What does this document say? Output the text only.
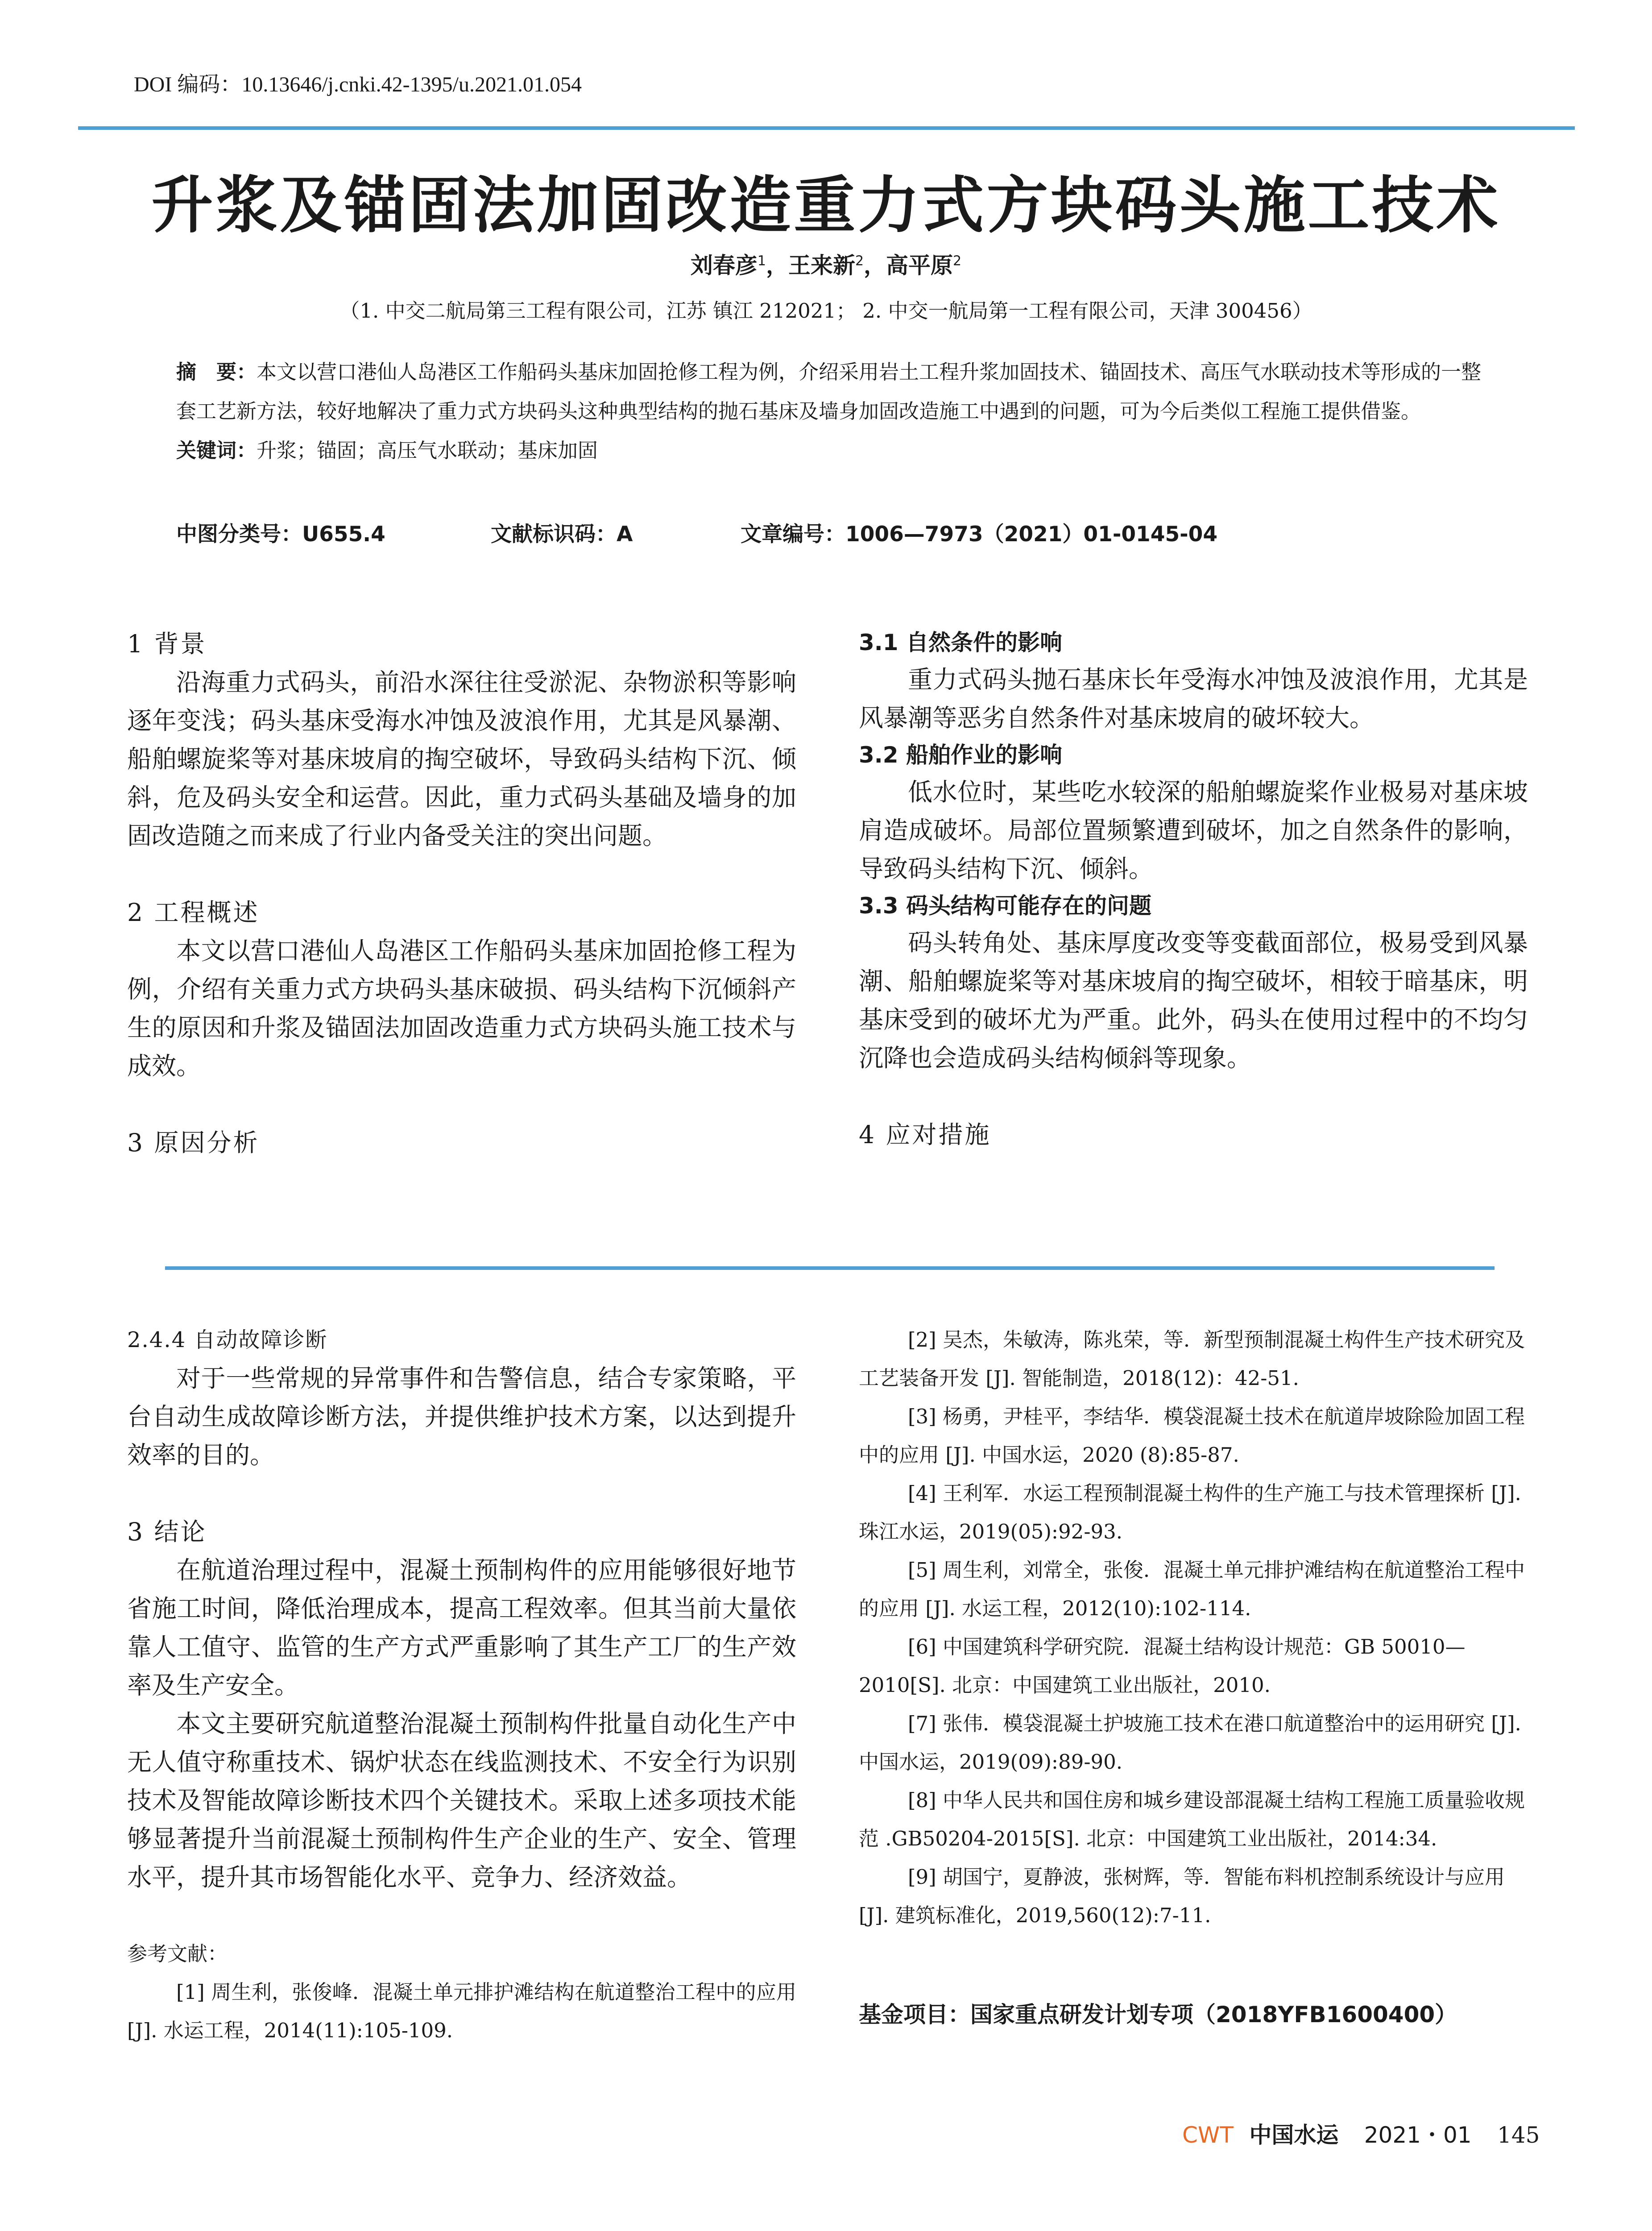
DOI 编码：10.13646/j.cnki.42-1395/u.2021.01.054
升浆及锚固法加固改造重力式方块码头施工技术
刘春彦$^1$，王来新$^2$，高平原$^2$
（1. 中交二航局第三工程有限公司，江苏 镇江 212021； 2. 中交一航局第一工程有限公司，天津 300456）
摘　要：本文以营口港仙人岛港区工作船码头基床加固抢修工程为例，介绍采用岩土工程升浆加固技术、锚固技术、高压气水联动技术等形成的一整套工艺新方法，较好地解决了重力式方块码头这种典型结构的抛石基床及墙身加固改造施工中遇到的问题，可为今后类似工程施工提供借鉴。
关键词：升浆；锚固；高压气水联动；基床加固
中图分类号：U655.4	文献标识码：A	文章编号：1006—7973（2021）01-0145-04
1 背景

沿海重力式码头，前沿水深往往受淤泥、杂物淤积等影响逐年变浅；码头基床受海水冲蚀及波浪作用，尤其是风暴潮、船舶螺旋桨等对基床坡肩的掏空破坏，导致码头结构下沉、倾斜，危及码头安全和运营。因此，重力式码头基础及墙身的加固改造随之而来成了行业内备受关注的突出问题。

2 工程概述

本文以营口港仙人岛港区工作船码头基床加固抢修工程为例，介绍有关重力式方块码头基床破损、码头结构下沉倾斜产生的原因和升浆及锚固法加固改造重力式方块码头施工技术与成效。

3 原因分析
3.1 自然条件的影响

重力式码头抛石基床长年受海水冲蚀及波浪作用，尤其是风暴潮等恶劣自然条件对基床坡肩的破坏较大。

3.2 船舶作业的影响

低水位时，某些吃水较深的船舶螺旋桨作业极易对基床坡肩造成破坏。局部位置频繁遭到破坏，加之自然条件的影响，导致码头结构下沉、倾斜。

3.3 码头结构可能存在的问题

码头转角处、基床厚度改变等变截面部位，极易受到风暴潮、船舶螺旋桨等对基床坡肩的掏空破坏，相较于暗基床，明基床受到的破坏尤为严重。此外，码头在使用过程中的不均匀沉降也会造成码头结构倾斜等现象。

4 应对措施
2.4.4 自动故障诊断

对于一些常规的异常事件和告警信息，结合专家策略，平台自动生成故障诊断方法，并提供维护技术方案，以达到提升效率的目的。

3 结论

在航道治理过程中，混凝土预制构件的应用能够很好地节省施工时间，降低治理成本，提高工程效率。但其当前大量依靠人工值守、监管的生产方式严重影响了其生产工厂的生产效率及生产安全。

本文主要研究航道整治混凝土预制构件批量自动化生产中无人值守称重技术、锅炉状态在线监测技术、不安全行为识别技术及智能故障诊断技术四个关键技术。采取上述多项技术能够显著提升当前混凝土预制构件生产企业的生产、安全、管理水平，提升其市场智能化水平、竞争力、经济效益。

参考文献：

[1] 周生利，张俊峰．混凝土单元排护滩结构在航道整治工程中的应用 [J]. 水运工程，2014(11):105-109.

[2] 吴杰，朱敏涛，陈兆荣，等．新型预制混凝土构件生产技术研究及工艺装备开发 [J]. 智能制造，2018(12)：42-51.

[3] 杨勇，尹桂平，李结华．模袋混凝土技术在航道岸坡除险加固工程中的应用 [J]. 中国水运，2020 (8):85-87.

[4] 王利军．水运工程预制混凝土构件的生产施工与技术管理探析 [J]. 珠江水运，2019(05):92-93.

[5] 周生利，刘常全，张俊．混凝土单元排护滩结构在航道整治工程中的应用 [J]. 水运工程，2012(10):102-114.

[6] 中国建筑科学研究院．混凝土结构设计规范：GB 50010—2010[S]. 北京：中国建筑工业出版社，2010.

[7] 张伟．模袋混凝土护坡施工技术在港口航道整治中的运用研究 [J]. 中国水运，2019(09):89-90.

[8] 中华人民共和国住房和城乡建设部混凝土结构工程施工质量验收规范 .GB50204-2015[S]. 北京：中国建筑工业出版社，2014:34.

[9] 胡国宁，夏静波，张树辉，等．智能布料机控制系统设计与应用 [J]. 建筑标准化，2019,560(12):7-11.

基金项目：国家重点研发计划专项（2018YFB1600400）
CWT 中国水运 2021・01 145
